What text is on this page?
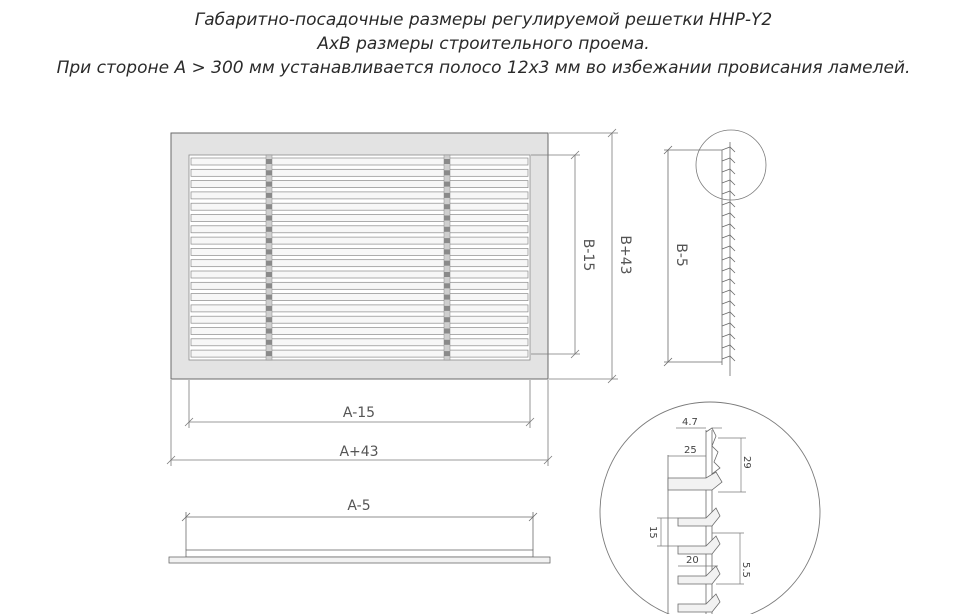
Габаритно-посадочные размеры регулируемой решетки ННР-Y2
АхВ размеры строительного проема.
При стороне А > 300 мм устанавливается полосо 12х3 мм во избежании провисания ламелей.
A-15
A+43
B-15 B+43	B-5
A-5
4.7
25
29
15
20
5.5
